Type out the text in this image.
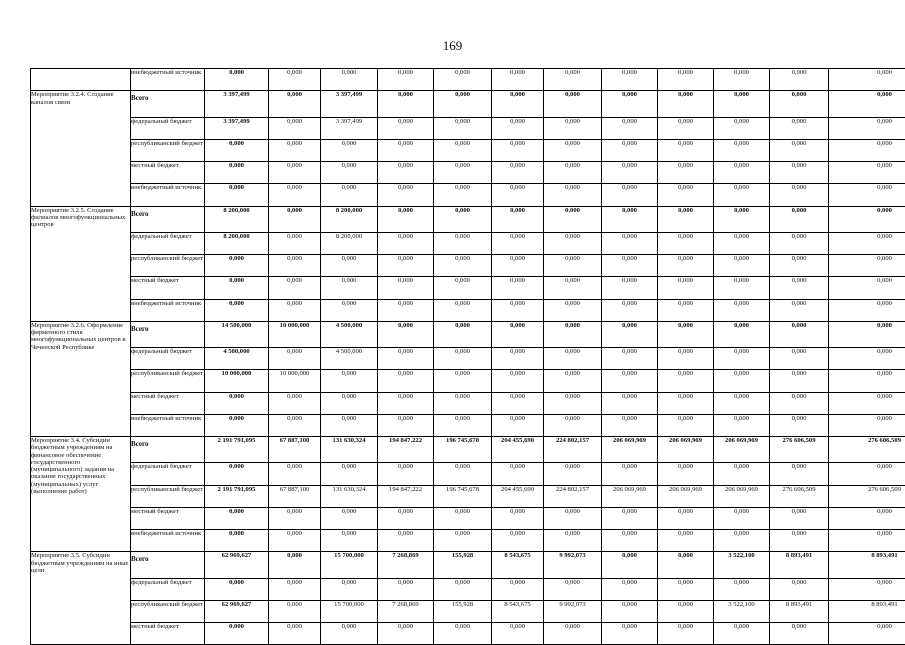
169
	внебюджетный источник	0,000	0,000	0,000	0,000	0,000	0,000	0,000	0,000	0,000	0,000	0,000	0,000

Мероприятие 3.2.4. Создание каналов связи	Всего	3 397,499	0,000	3 397,499	0,000	0,000	0,000	0,000	0,000	0,000	0,000	0,000	0,000
	федеральный бюджет	3 397,499	0,000	3 397,499	0,000	0,000	0,000	0,000	0,000	0,000	0,000	0,000	0,000
	республиканский бюджет	0,000	0,000	0,000	0,000	0,000	0,000	0,000	0,000	0,000	0,000	0,000	0,000
	местный бюджет	0,000	0,000	0,000	0,000	0,000	0,000	0,000	0,000	0,000	0,000	0,000	0,000
	внебюджетный источник	0,000	0,000	0,000	0,000	0,000	0,000	0,000	0,000	0,000	0,000	0,000	0,000

Мероприятие 3.2.5. Создание филиалов многофункциональных центров	Всего	8 200,000	0,000	8 200,000	0,000	0,000	0,000	0,000	0,000	0,000	0,000	0,000	0,000
	федеральный бюджет	8 200,000	0,000	8 200,000	0,000	0,000	0,000	0,000	0,000	0,000	0,000	0,000	0,000
	республиканский бюджет	0,000	0,000	0,000	0,000	0,000	0,000	0,000	0,000	0,000	0,000	0,000	0,000
	местный бюджет	0,000	0,000	0,000	0,000	0,000	0,000	0,000	0,000	0,000	0,000	0,000	0,000
	внебюджетный источник	0,000	0,000	0,000	0,000	0,000	0,000	0,000	0,000	0,000	0,000	0,000	0,000

Мероприятие 3.2.6. Оформление фирменного стиля многофункциональных центров в Чеченской Республике	Всего	14 500,000	10 000,000	4 500,000	0,000	0,000	0,000	0,000	0,000	0,000	0,000	0,000	0,000
	федеральный бюджет	4 500,000	0,000	4 500,000	0,000	0,000	0,000	0,000	0,000	0,000	0,000	0,000	0,000
	республиканский бюджет	10 000,000	10 000,000	0,000	0,000	0,000	0,000	0,000	0,000	0,000	0,000	0,000	0,000
	местный бюджет	0,000	0,000	0,000	0,000	0,000	0,000	0,000	0,000	0,000	0,000	0,000	0,000
	внебюджетный источник	0,000	0,000	0,000	0,000	0,000	0,000	0,000	0,000	0,000	0,000	0,000	0,000

Мероприятие 3.4. Субсидии бюджетным учреждениям на финансовое обеспечение государственного (муниципального) задания на оказание государственных (муниципальных) услуг (выполнение работ)	Всего	2 191 791,095	67 887,100	131 630,324	194 847,222	196 745,678	204 455,690	224 802,157	206 069,969	206 069,969	206 069,969	276 606,509	276 606,509
	федеральный бюджет	0,000	0,000	0,000	0,000	0,000	0,000	0,000	0,000	0,000	0,000	0,000	0,000
	республиканский бюджет	2 191 791,095	67 887,100	131 630,324	194 847,222	196 745,678	204 455,690	224 802,157	206 069,969	206 069,969	206 069,969	276 606,509	276 606,509
	местный бюджет	0,000	0,000	0,000	0,000	0,000	0,000	0,000	0,000	0,000	0,000	0,000	0,000
	внебюджетный источник	0,000	0,000	0,000	0,000	0,000	0,000	0,000	0,000	0,000	0,000	0,000	0,000

Мероприятие 3.5. Субсидии бюджетным учреждениям на иные цели	Всего	62 969,627	0,000	15 700,000	7 268,869	155,928	8 543,675	9 992,073	0,000	0,000	3 522,100	8 893,491	8 893,491
	федеральный бюджет	0,000	0,000	0,000	0,000	0,000	0,000	0,000	0,000	0,000	0,000	0,000	0,000
	республиканский бюджет	62 969,627	0,000	15 700,000	7 268,869	155,928	8 543,675	9 992,073	0,000	0,000	3 522,100	8 893,491	8 893,491
	местный бюджет	0,000	0,000	0,000	0,000	0,000	0,000	0,000	0,000	0,000	0,000	0,000	0,000
